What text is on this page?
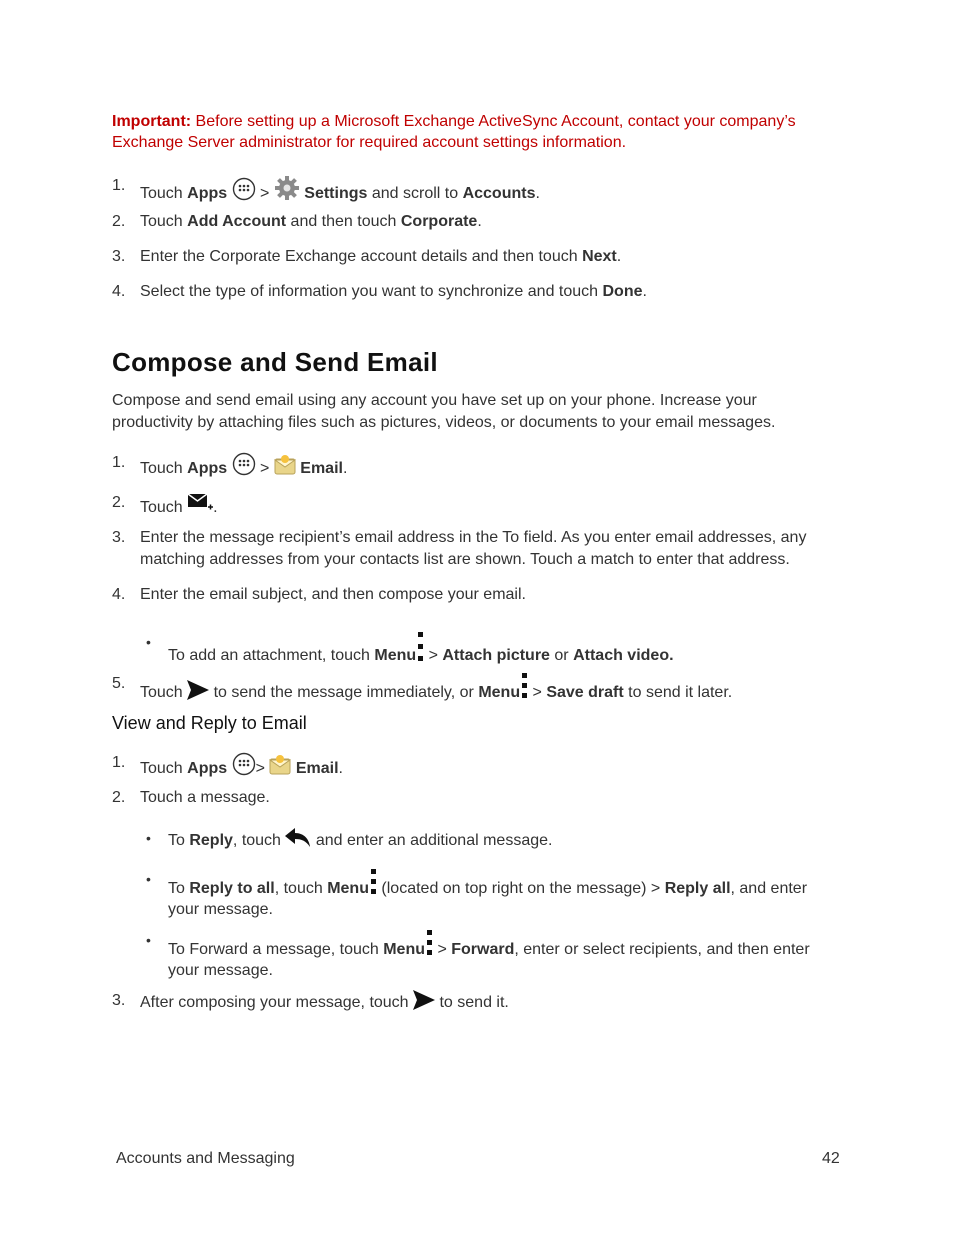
Important: Before setting up a Microsoft Exchange ActiveSync Account, contact your company’s Exchange Server administrator for required account settings information.
1. Touch Apps  >  Settings and scroll to Accounts.
2. Touch Add Account and then touch Corporate.
3. Enter the Corporate Exchange account details and then touch Next.
4. Select the type of information you want to synchronize and touch Done.
Compose and Send Email
Compose and send email using any account you have set up on your phone. Increase your productivity by attaching files such as pictures, videos, or documents to your email messages.
1. Touch Apps  >  Email.
2. Touch .
3. Enter the message recipient’s email address in the To field. As you enter email addresses, any matching addresses from your contacts list are shown. Touch a match to enter that address.
4. Enter the email subject, and then compose your email.
•
To add an attachment, touch Menu > Attach picture or Attach video.
5.
Touch  to send the message immediately, or Menu > Save draft to send it later.
View and Reply to Email
1. Touch Apps >  Email.
2. Touch a message.
• To Reply, touch  and enter an additional message.
•
To Reply to all, touch Menu (located on top right on the message) > Reply all, and enter your message.
•
To Forward a message, touch Menu > Forward, enter or select recipients, and then enter your message.
3. After composing your message, touch  to send it.
Accounts and Messaging	42
